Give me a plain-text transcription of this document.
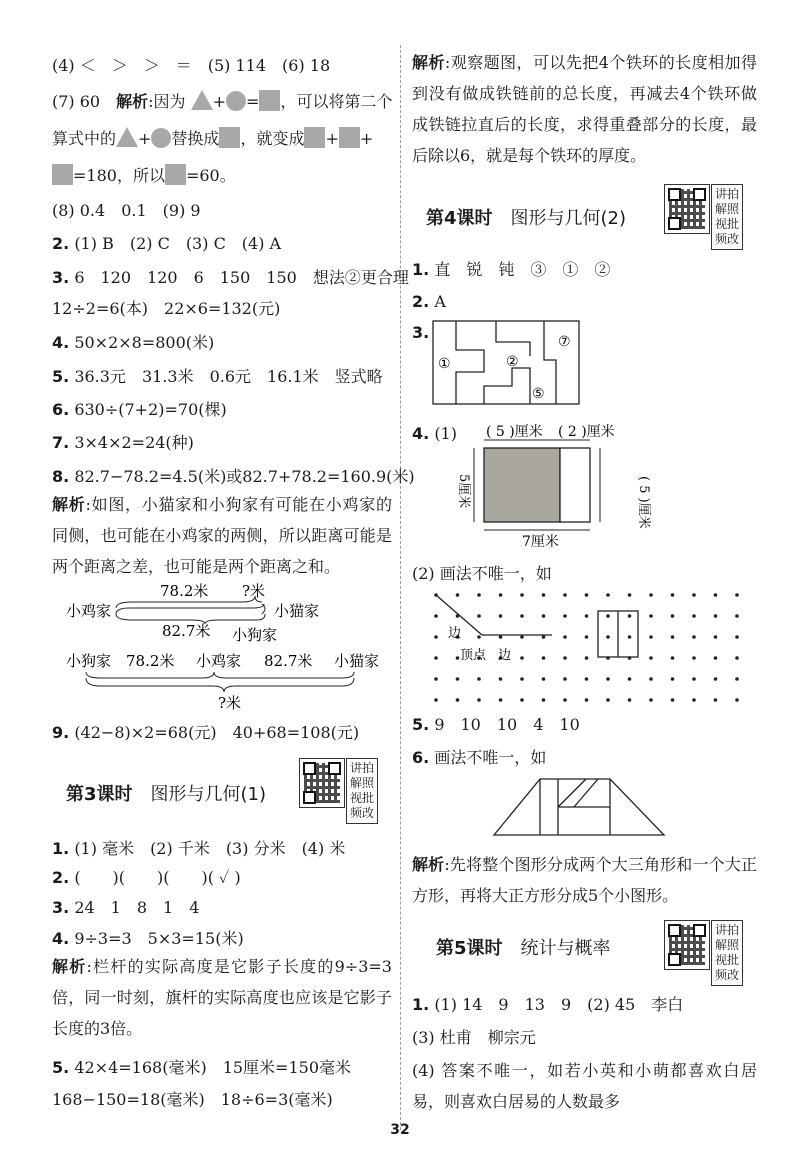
(4) ＜　＞　＞　＝　(5) 114　(6) 18
(7) 60　解析:因为 + = ，可以将第二个
算式中的 + 替换成 ，就变成 + +
=180，所以 =60。
(8) 0.4　0.1　(9) 9
2. (1) B　(2) C　(3) C　(4) A
3. 6　120　120　6　150　150　想法②更合理
12÷2=6(本)　22×6=132(元)
4. 50×2×8=800(米)
5. 36.3元　31.3米　0.6元　16.1米　竖式略
6. 630÷(7+2)=70(棵)
7. 3×4×2=24(种)
8. 82.7−78.2=4.5(米)或82.7+78.2=160.9(米)
解析:如图，小猫家和小狗家有可能在小鸡家的同侧，也可能在小鸡家的两侧，所以距离可能是两个距离之差，也可能是两个距离之和。
78.2米 ?米
小鸡家	小猫家
82.7米 小狗家
小狗家 78.2米 小鸡家 82.7米 小猫家
?米
9. (42−8)×2=68(元)　40+68=108(元)
第3课时 图形与几何(1)
讲拍
解照
视批
频改
1. (1) 毫米　(2) 千米　(3) 分米　(4) 米
2. (　　)(　　)(　　)( ✓ )
3. 24　1　8　1　4
4. 9÷3=3　5×3=15(米)
解析:栏杆的实际高度是它影子长度的9÷3=3倍，同一时刻，旗杆的实际高度也应该是它影子长度的3倍。
5. 42×4=168(毫米)　15厘米=150毫米
168−150=18(毫米)　18÷6=3(毫米)
解析:观察题图，可以先把4个铁环的长度相加得到没有做成铁链前的总长度，再减去4个铁环做成铁链拉直后的长度，求得重叠部分的长度，最后除以6，就是每个铁环的厚度。
第4课时 图形与几何(2)
讲拍
解照
视批
频改
1. 直　锐　钝　③　①　②
2. A
3.
①	②
⑦
⑤
4. (1) ( 5 )厘米 ( 2 )厘米
5厘米	( 5 )厘米
7厘米
(2) 画法不唯一，如
边
顶点 边
5. 9　10　10　4　10
6. 画法不唯一，如
解析:先将整个图形分成两个大三角形和一个大正方形，再将大正方形分成5个小图形。
第5课时 统计与概率
讲拍
解照
视批
频改
1. (1) 14　9　13　9　(2) 45　李白
(3) 杜甫　柳宗元
(4) 答案不唯一，如若小英和小萌都喜欢白居易，则喜欢白居易的人数最多
32
